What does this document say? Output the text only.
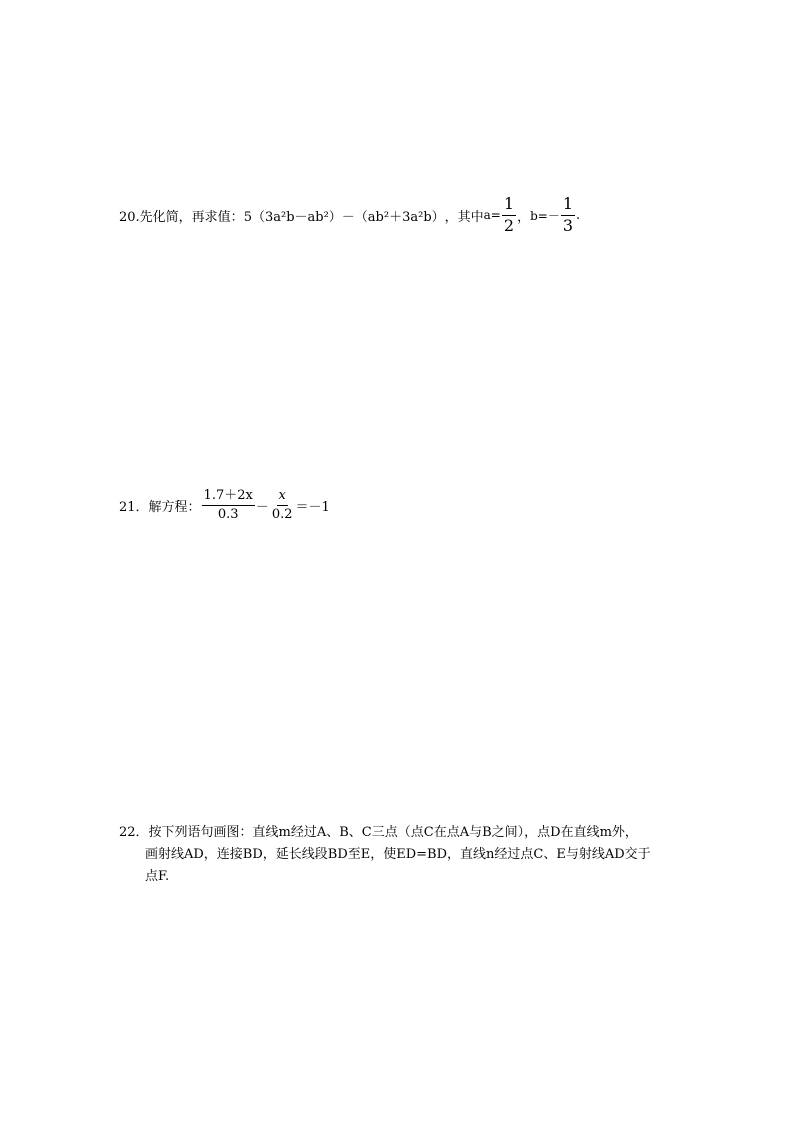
20.先化简，再求值： 5（3a²b－ab²）－（ab²＋3a²b） ，其中 $a= \frac{1}{2}$ ， $b=- \frac{1}{3}$ .
21．解方程： $\frac{1.7+2x}{0.3} - \frac{x}{0.2} =-1$
22．按下列语句画图：直线m经过A、B、C三点（点C在点A与B之间），点D在直线m外，
画射线AD，连接BD，延长线段BD至E，使ED=BD，直线n经过点C、E与射线AD交于
点F.
